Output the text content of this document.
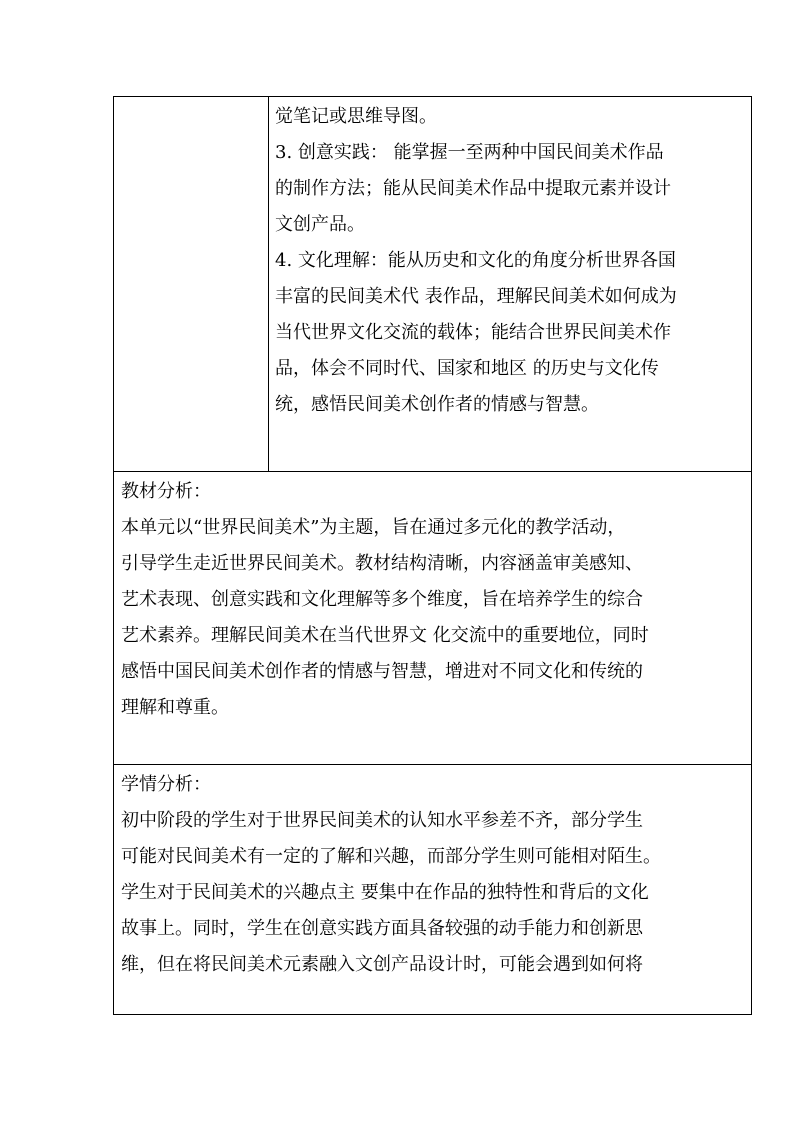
觉笔记或思维导图。
3. 创意实践： 能掌握一至两种中国民间美术作品
的制作方法；能从民间美术作品中提取元素并设计
文创产品。
4. 文化理解：能从历史和文化的角度分析世界各国
丰富的民间美术代 表作品，理解民间美术如何成为
当代世界文化交流的载体；能结合世界民间美术作
品，体会不同时代、国家和地区 的历史与文化传
统，感悟民间美术创作者的情感与智慧。

教材分析：
本单元以“世界民间美术”为主题，旨在通过多元化的教学活动，
引导学生走近世界民间美术。教材结构清晰，内容涵盖审美感知、
艺术表现、创意实践和文化理解等多个维度，旨在培养学生的综合
艺术素养。理解民间美术在当代世界文 化交流中的重要地位，同时
感悟中国民间美术创作者的情感与智慧，增进对不同文化和传统的
理解和尊重。

学情分析：
初中阶段的学生对于世界民间美术的认知水平参差不齐，部分学生
可能对民间美术有一定的了解和兴趣，而部分学生则可能相对陌生。
学生对于民间美术的兴趣点主 要集中在作品的独特性和背后的文化
故事上。同时，学生在创意实践方面具备较强的动手能力和创新思
维，但在将民间美术元素融入文创产品设计时，可能会遇到如何将
